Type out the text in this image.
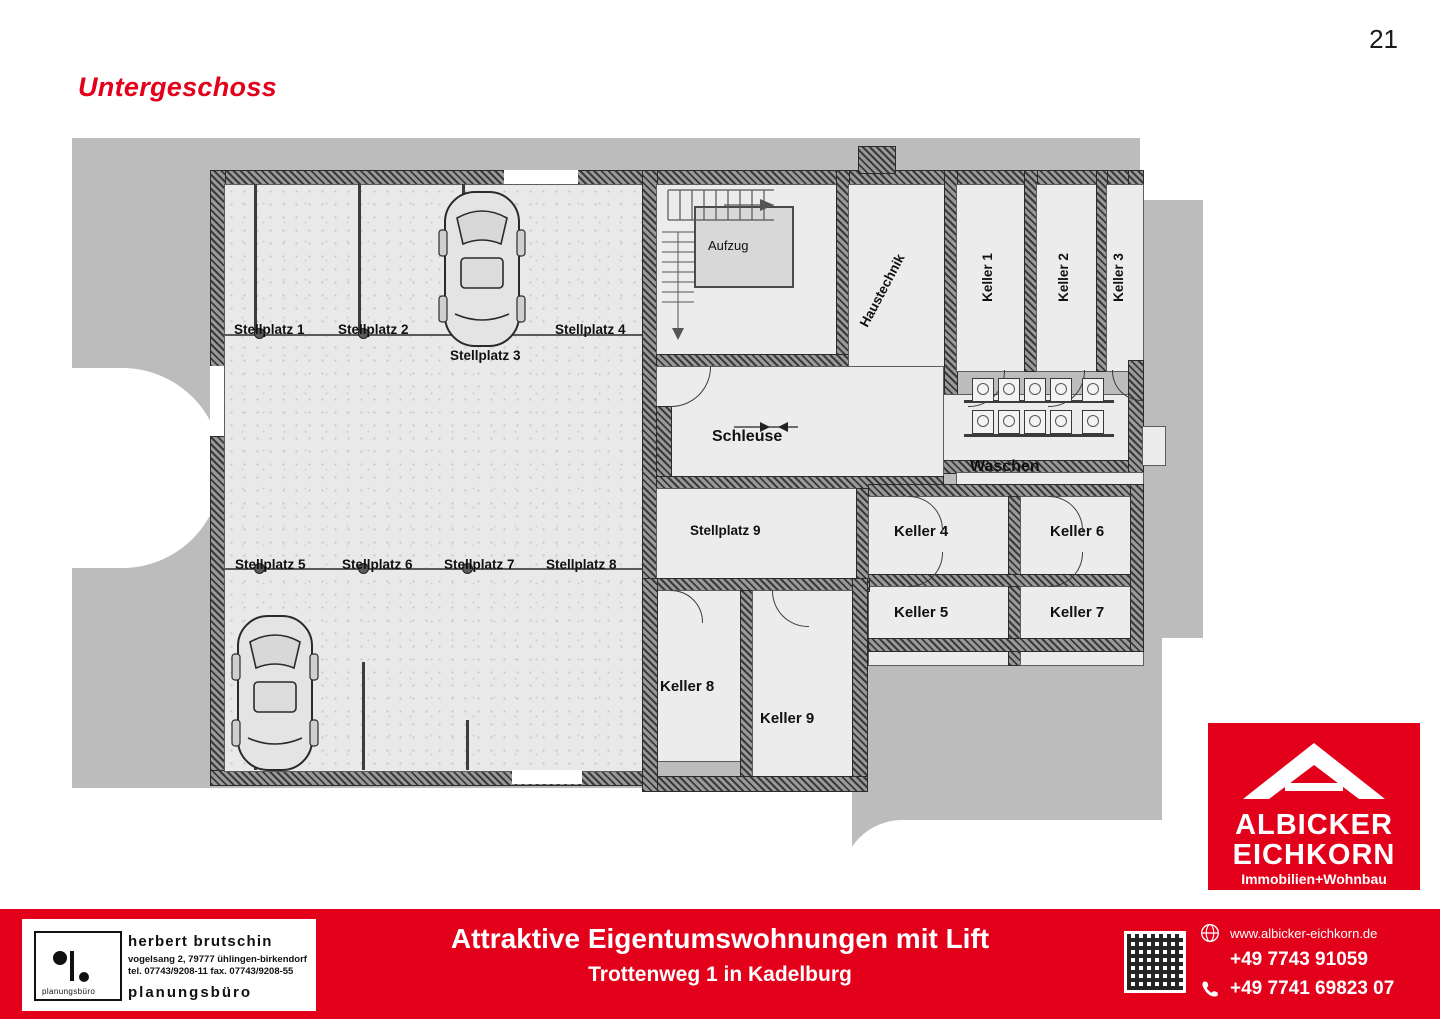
21
Untergeschoss
Aufzug
Haustechnik	Keller 1	Keller 2	Keller 3
Schleuse
Waschen
Stellplatz 9	Keller 4	Keller 6
Keller 5	Keller 7
Keller 8
Keller 9
Stellplatz 1 Stellplatz 2
Stellplatz 3
Stellplatz 4
Stellplatz 5	Stellplatz 6 Stellplatz 7 Stellplatz 8
ALBICKER
EICHKORN
Immobilien+Wohnbau
planungsbüro
herbert brutschin
vogelsang 2, 79777 ühlingen-birkendorf
tel. 07743/9208-11 fax. 07743/9208-55
planungsbüro
Attraktive Eigentumswohnungen mit Lift
Trottenweg 1 in Kadelburg
www.albicker-eichkorn.de
+49 7743 91059
+49 7741 69823 07
